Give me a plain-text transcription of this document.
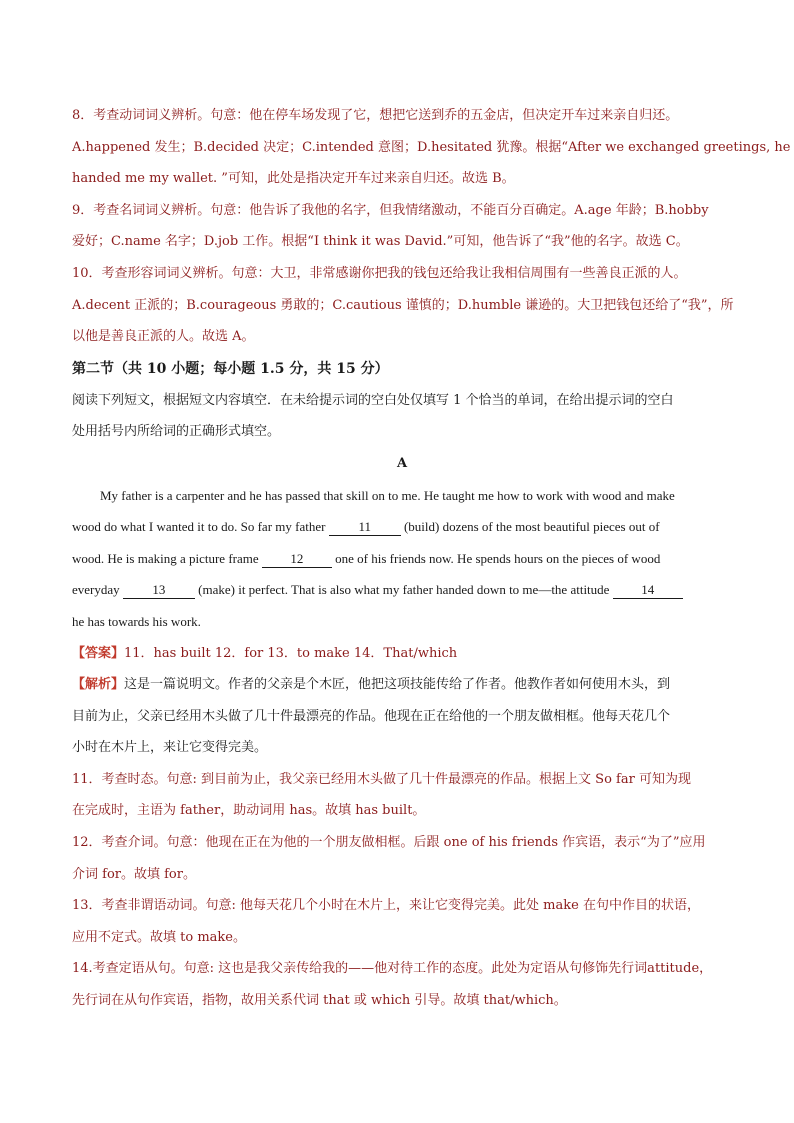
8．考查动词词义辨析。句意：他在停车场发现了它，想把它送到乔的五金店，但决定开车过来亲自归还。
A.happened 发生；B.decided 决定；C.intended 意图；D.hesitated 犹豫。根据“After we exchanged greetings, he
handed me my wallet. ”可知，此处是指决定开车过来亲自归还。故选 B。
9．考查名词词义辨析。句意：他告诉了我他的名字，但我情绪激动，不能百分百确定。A.age 年龄；B.hobby
爱好；C.name 名字；D.job 工作。根据“I think it was David.”可知，他告诉了“我”他的名字。故选 C。
10．考查形容词词义辨析。句意：大卫，非常感谢你把我的钱包还给我让我相信周围有一些善良正派的人。
A.decent 正派的；B.courageous 勇敢的；C.cautious 谨慎的；D.humble 谦逊的。大卫把钱包还给了“我”，所
以他是善良正派的人。故选 A。
第二节（共 10 小题；每小题 1.5 分，共 15 分）
阅读下列短文，根据短文内容填空．在未给提示词的空白处仅填写 1 个恰当的单词，在给出提示词的空白
处用括号内所给词的正确形式填空。
A
My father is a carpenter and he has passed that skill on to me. He taught me how to work with wood and make
wood do what I wanted it to do. So far my father 11 (build) dozens of the most beautiful pieces out of
wood. He is making a picture frame 12 one of his friends now. He spends hours on the pieces of wood
everyday 13 (make) it perfect. That is also what my father handed down to me—the attitude 14
he has towards his work.
【答案】11．has built 12．for 13．to make 14．That/which
【解析】这是一篇说明文。作者的父亲是个木匠，他把这项技能传给了作者。他教作者如何使用木头，到
目前为止，父亲已经用木头做了几十件最漂亮的作品。他现在正在给他的一个朋友做相框。他每天花几个
小时在木片上，来让它变得完美。
11．考查时态。句意: 到目前为止，我父亲已经用木头做了几十件最漂亮的作品。根据上文 So far 可知为现
在完成时，主语为 father，助动词用 has。故填 has built。
12．考查介词。句意：他现在正在为他的一个朋友做相框。后跟 one of his friends 作宾语，表示“为了”应用
介词 for。故填 for。
13．考查非谓语动词。句意: 他每天花几个小时在木片上，来让它变得完美。此处 make 在句中作目的状语，
应用不定式。故填 to make。
14.考查定语从句。句意: 这也是我父亲传给我的——他对待工作的态度。此处为定语从句修饰先行词attitude，
先行词在从句作宾语，指物，故用关系代词 that 或 which 引导。故填 that/which。
